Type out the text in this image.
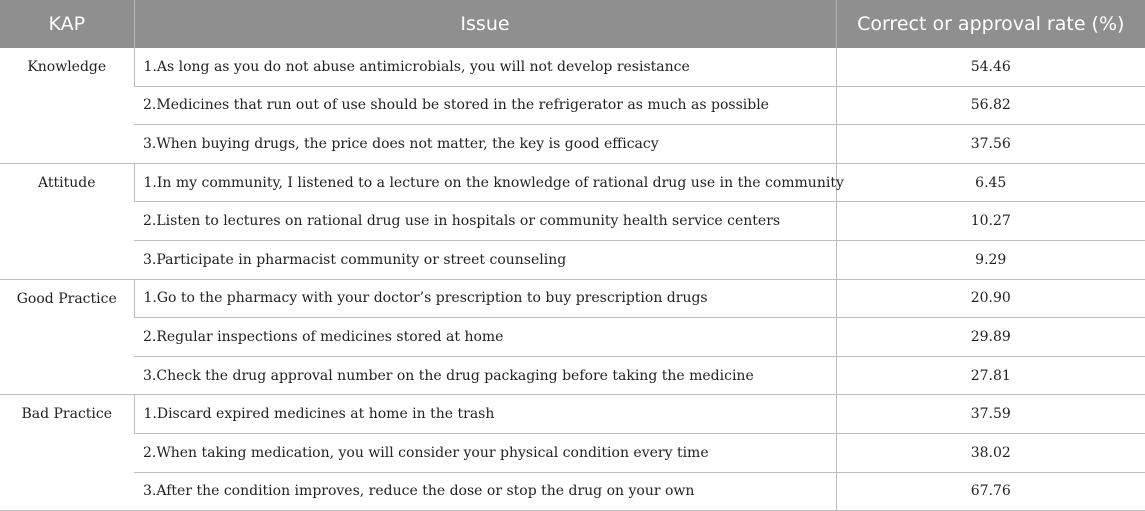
KAP	Issue	Correct or approval rate (%)
Knowledge	1.As long as you do not abuse antimicrobials, you will not develop resistance	54.46
	2.Medicines that run out of use should be stored in the refrigerator as much as possible	56.82
	3.When buying drugs, the price does not matter, the key is good efficacy	37.56
Attitude	1.In my community, I listened to a lecture on the knowledge of rational drug use in the community	6.45
	2.Listen to lectures on rational drug use in hospitals or community health service centers	10.27
	3.Participate in pharmacist community or street counseling	9.29
Good Practice	1.Go to the pharmacy with your doctor’s prescription to buy prescription drugs	20.90
	2.Regular inspections of medicines stored at home	29.89
	3.Check the drug approval number on the drug packaging before taking the medicine	27.81
Bad Practice	1.Discard expired medicines at home in the trash	37.59
	2.When taking medication, you will consider your physical condition every time	38.02
	3.After the condition improves, reduce the dose or stop the drug on your own	67.76
